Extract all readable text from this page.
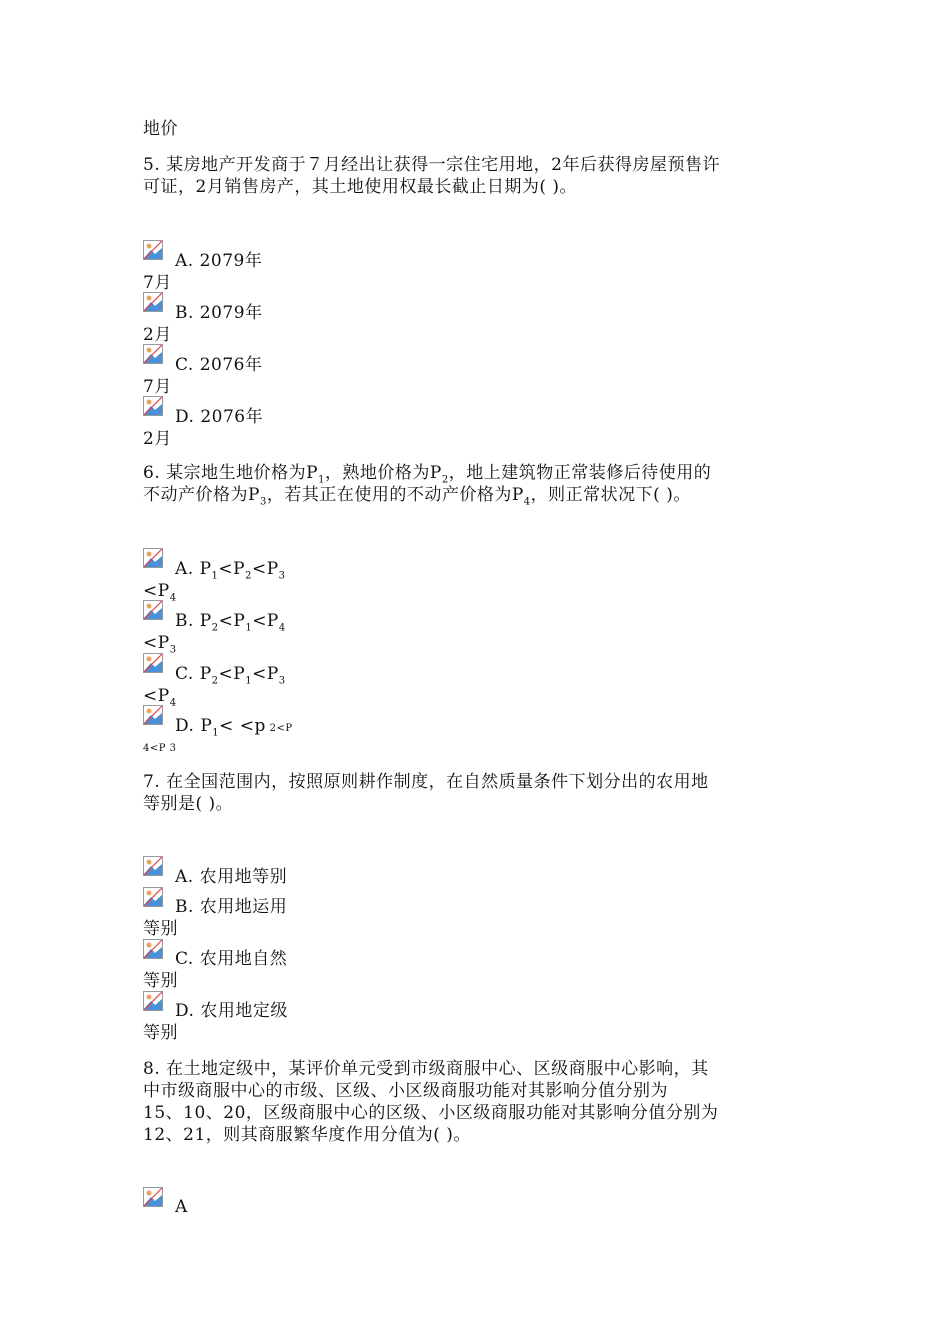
地价
5. 某房地产开发商于７月经出让获得一宗住宅用地，2年后获得房屋预售许
可证，2月销售房产，其土地使用权最长截止日期为( )。
A. 2079年
7月
B. 2079年
2月
C. 2076年
7月
D. 2076年
2月
6. 某宗地生地价格为$P_1$，熟地价格为$P_2$，地上建筑物正常装修后待使用的
不动产价格为$P_3$，若其正在使用的不动产价格为$P_4$，则正常状况下( )。
A. $P_1<P_2<P_3$
$<P_4$
B. $P_2<P_1<P_4$
$<P_3$
C. $P_2<P_1<P_3$
$<P_4$
D. $P_1< <p$ 2<P
4<P 3
7. 在全国范围内，按照原则耕作制度，在自然质量条件下划分出的农用地
等别是( )。
A. 农用地等别
B. 农用地运用
等别
C. 农用地自然
等别
D. 农用地定级
等别
8. 在土地定级中，某评价单元受到市级商服中心、区级商服中心影响，其
中市级商服中心的市级、区级、小区级商服功能对其影响分值分别为
15、10、20，区级商服中心的区级、小区级商服功能对其影响分值分别为
12、21，则其商服繁华度作用分值为( )。
A
